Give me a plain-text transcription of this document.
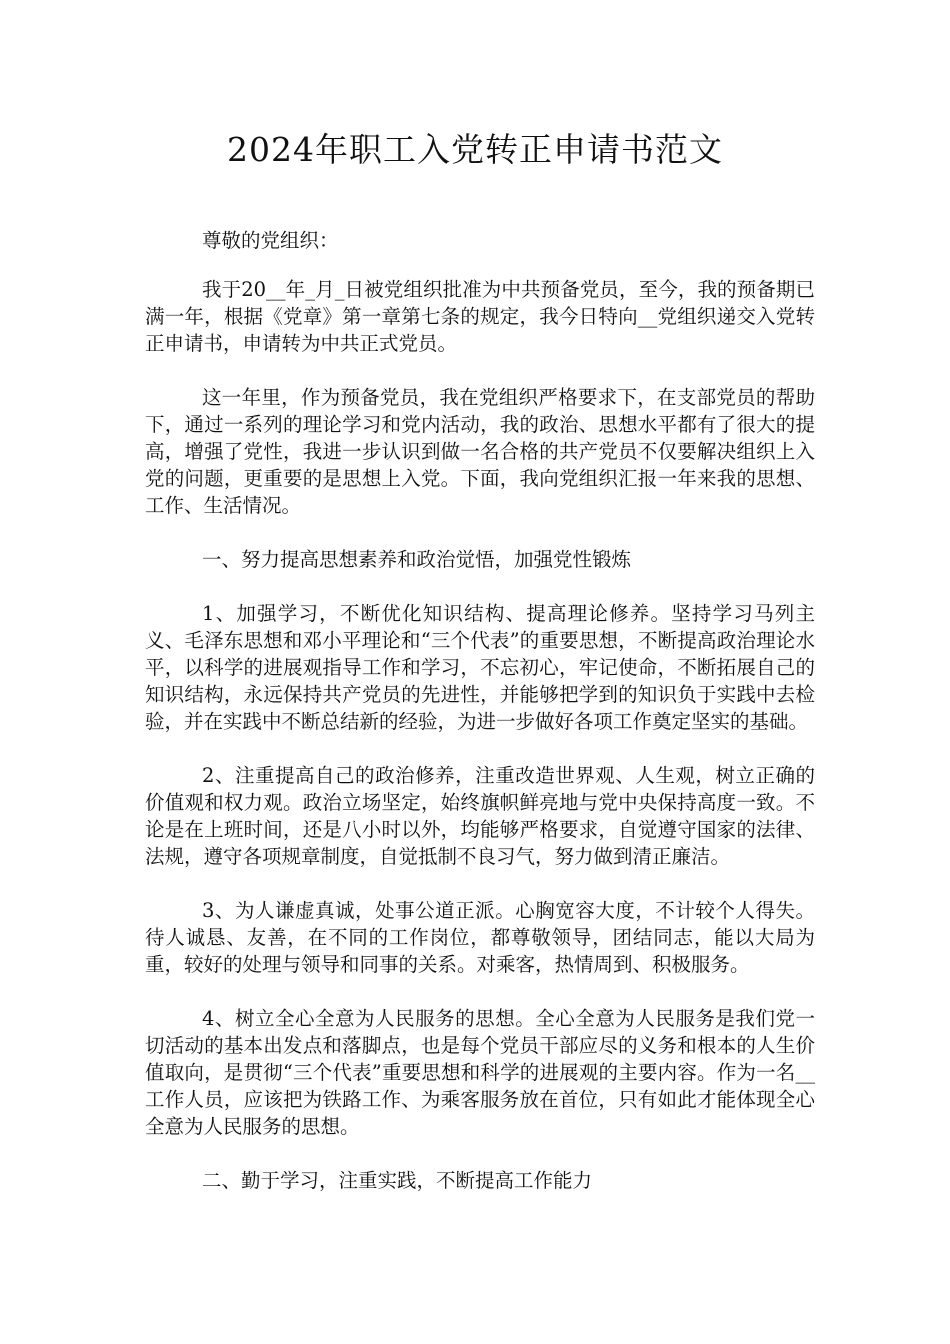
2024年职工入党转正申请书范文

尊敬的党组织：

我于20__年_月_日被党组织批准为中共预备党员，至今，我的预备期已满一年，根据《党章》第一章第七条的规定，我今日特向__党组织递交入党转正申请书，申请转为中共正式党员。

这一年里，作为预备党员，我在党组织严格要求下，在支部党员的帮助下，通过一系列的理论学习和党内活动，我的政治、思想水平都有了很大的提高，增强了党性，我进一步认识到做一名合格的共产党员不仅要解决组织上入党的问题，更重要的是思想上入党。下面，我向党组织汇报一年来我的思想、工作、生活情况。

一、努力提高思想素养和政治觉悟，加强党性锻炼

1、加强学习，不断优化知识结构、提高理论修养。坚持学习马列主义、毛泽东思想和邓小平理论和“三个代表”的重要思想，不断提高政治理论水平，以科学的进展观指导工作和学习，不忘初心，牢记使命，不断拓展自己的知识结构，永远保持共产党员的先进性，并能够把学到的知识负于实践中去检验，并在实践中不断总结新的经验，为进一步做好各项工作奠定坚实的基础。

2、注重提高自己的政治修养，注重改造世界观、人生观，树立正确的价值观和权力观。政治立场坚定，始终旗帜鲜亮地与党中央保持高度一致。不论是在上班时间，还是八小时以外，均能够严格要求，自觉遵守国家的法律、法规，遵守各项规章制度，自觉抵制不良习气，努力做到清正廉洁。

3、为人谦虚真诚，处事公道正派。心胸宽容大度，不计较个人得失。待人诚恳、友善，在不同的工作岗位，都尊敬领导，团结同志，能以大局为重，较好的处理与领导和同事的关系。对乘客，热情周到、积极服务。

4、树立全心全意为人民服务的思想。全心全意为人民服务是我们党一切活动的基本出发点和落脚点，也是每个党员干部应尽的义务和根本的人生价值取向，是贯彻“三个代表”重要思想和科学的进展观的主要内容。作为一名__工作人员，应该把为铁路工作、为乘客服务放在首位，只有如此才能体现全心全意为人民服务的思想。

二、勤于学习，注重实践，不断提高工作能力
